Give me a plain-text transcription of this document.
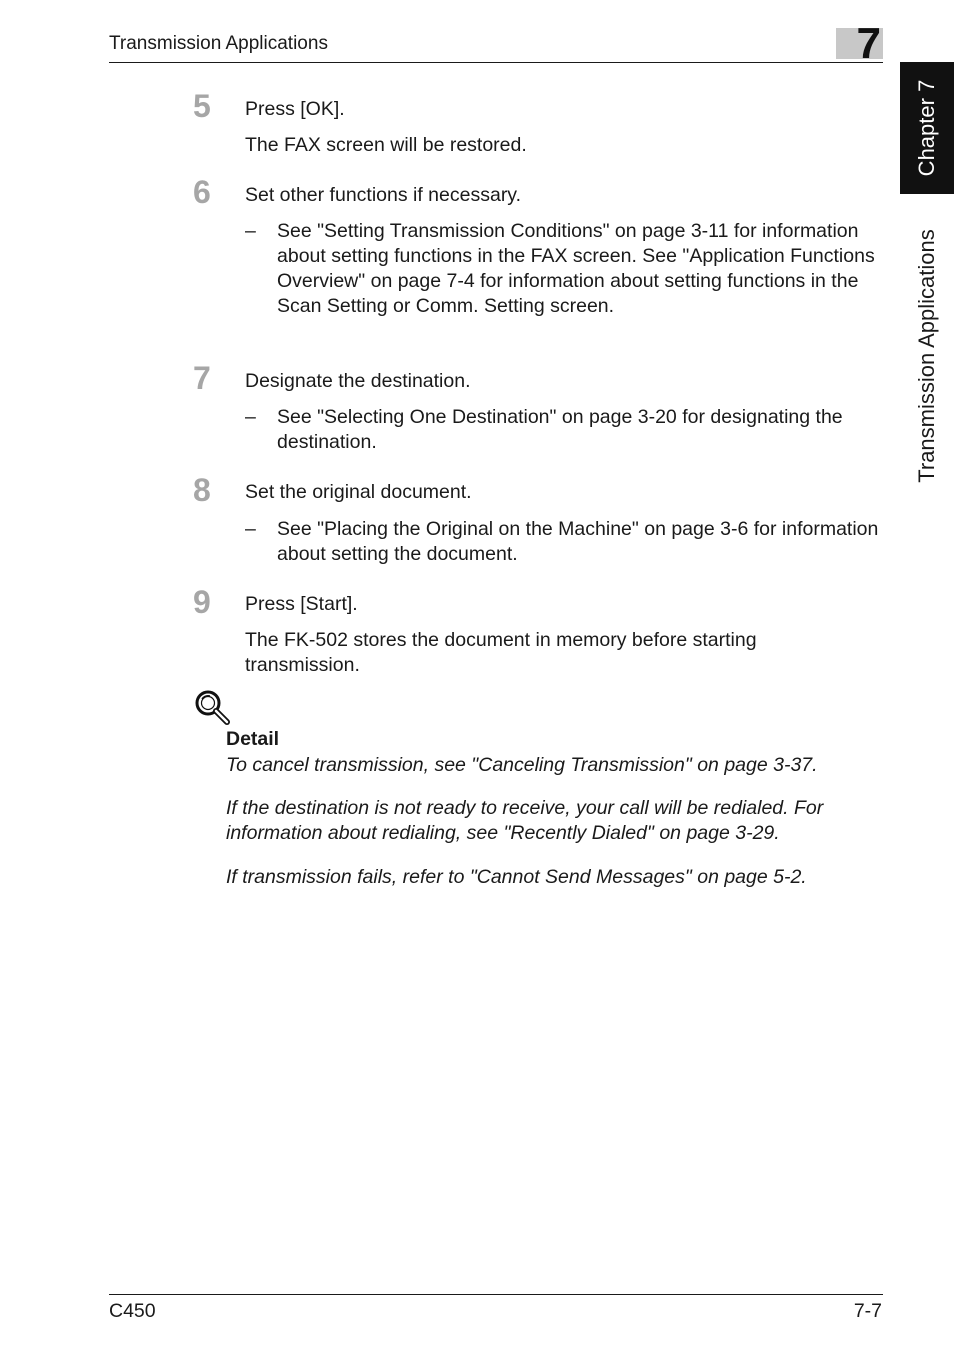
Transmission Applications	7
Chapter 7
Transmission Applications
5 Press [OK].
The FAX screen will be restored.
6 Set other functions if necessary.
– See "Setting Transmission Conditions" on page 3-11 for information about setting functions in the FAX screen. See "Application Functions Overview" on page 7-4 for information about setting functions in the Scan Setting or Comm. Setting screen.
7 Designate the destination.
– See "Selecting One Destination" on page 3-20 for designating the destination.
8 Set the original document.
– See "Placing the Original on the Machine" on page 3-6 for information about setting the document.
9 Press [Start].
The FK-502 stores the document in memory before starting transmission.
Detail
To cancel transmission, see "Canceling Transmission" on page 3-37.
If the destination is not ready to receive, your call will be redialed. For information about redialing, see "Recently Dialed" on page 3-29.
If transmission fails, refer to "Cannot Send Messages" on page 5-2.
C450	7-7
